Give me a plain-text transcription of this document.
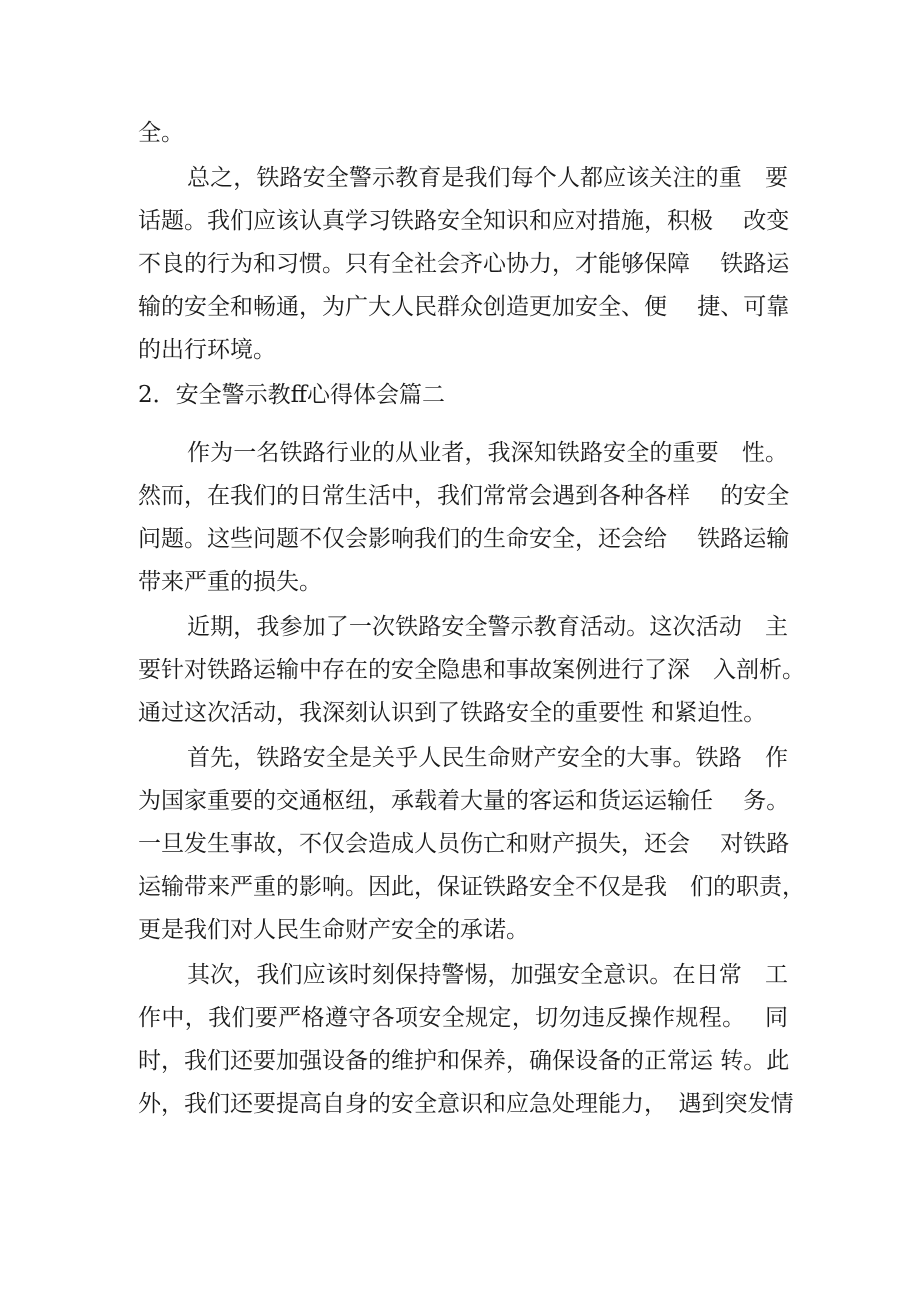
全。
总之，铁路安全警示教育是我们每个人都应该关注的重　要
话题。我们应该认真学习铁路安全知识和应对措施，积极　 改变
不良的行为和习惯。只有全社会齐心协力，才能够保障　 铁路运
输的安全和畅通，为广大人民群众创造更加安全、便　 捷、可靠
的出行环境。
2．安全警示教ff心得体会篇二
作为一名铁路行业的从业者，我深知铁路安全的重要　性。
然而，在我们的日常生活中，我们常常会遇到各种各样　 的安全
问题。这些问题不仅会影响我们的生命安全，还会给　 铁路运输
带来严重的损失。
近期，我参加了一次铁路安全警示教育活动。这次活动　主
要针对铁路运输中存在的安全隐患和事故案例进行了深　入剖析。
通过这次活动，我深刻认识到了铁路安全的重要性 和紧迫性。
首先，铁路安全是关乎人民生命财产安全的大事。铁路　作
为国家重要的交通枢纽，承载着大量的客运和货运运输任　 务。
一旦发生事故，不仅会造成人员伤亡和财产损失，还会　 对铁路
运输带来严重的影响。因此，保证铁路安全不仅是我　们的职责，
更是我们对人民生命财产安全的承诺。
其次，我们应该时刻保持警惕，加强安全意识。在日常　工
作中，我们要严格遵守各项安全规定，切勿违反操作规程。　 同
时，我们还要加强设备的维护和保养，确保设备的正常运 转。此
外，我们还要提高自身的安全意识和应急处理能力，　遇到突发情
